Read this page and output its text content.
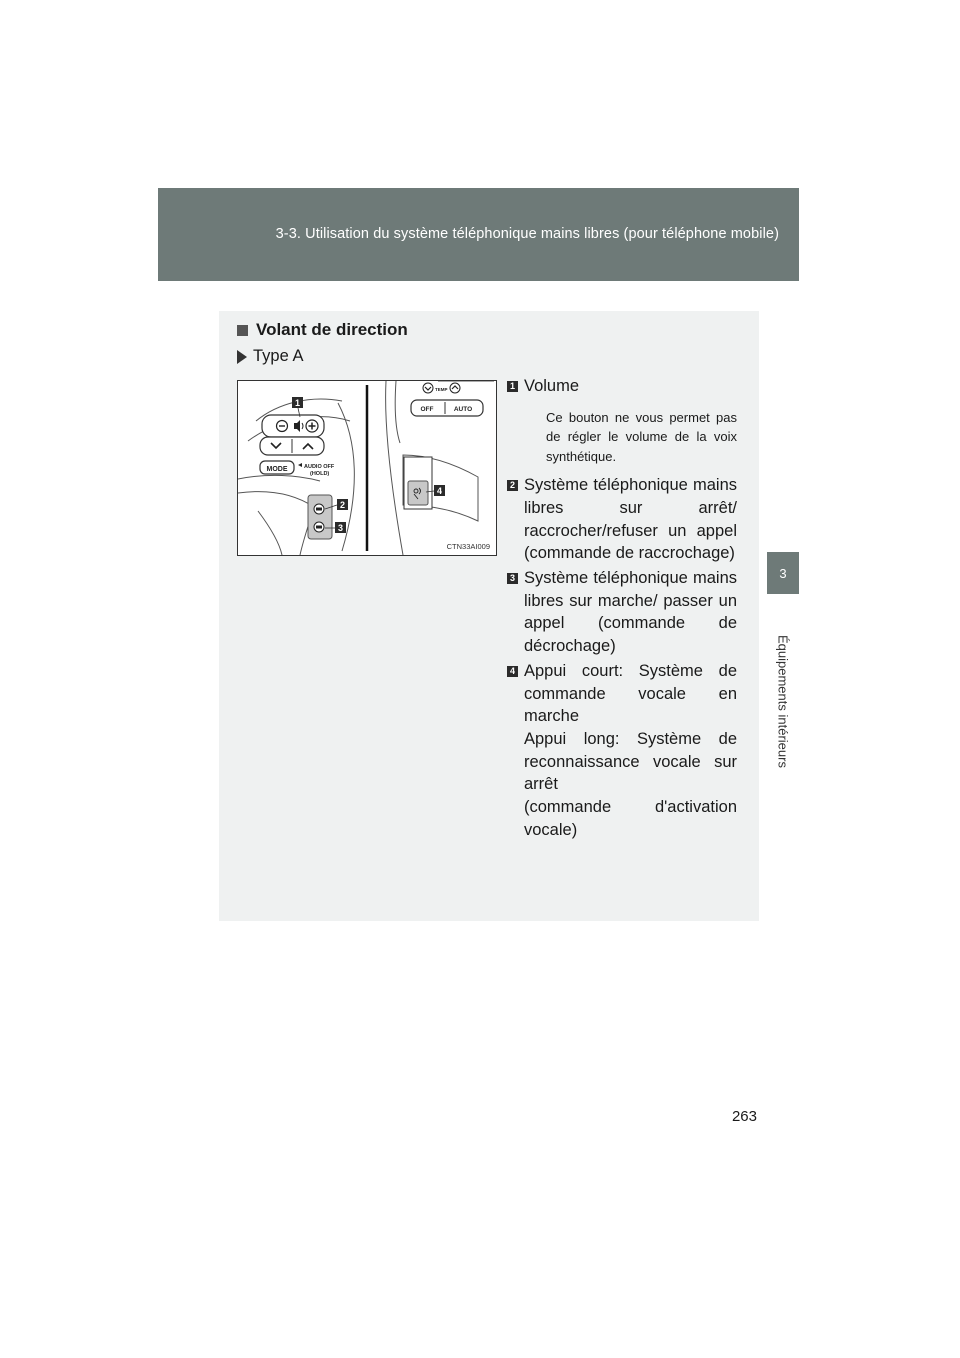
3-3. Utilisation du système téléphonique mains libres (pour téléphone mobile)
3
Équipements intérieurs
Volant de direction
Type A
MODE	AUDIO OFF
(HOLD)
1
2
3
TEMP
OFF	AUTO
4
CTN33AI009
1 Volume
Ce bouton ne vous permet pas de régler le volume de la voix synthétique.
2 Système téléphonique mains libres sur arrêt/ raccrocher/refuser un appel (commande de raccrochage)
3 Système téléphonique mains libres sur marche/ passer un appel (commande de décrochage)
4 Appui court: Système de commande vocale en marche
Appui long: Système de reconnaissance vocale sur arrêt
(commande d'activation vocale)
263
